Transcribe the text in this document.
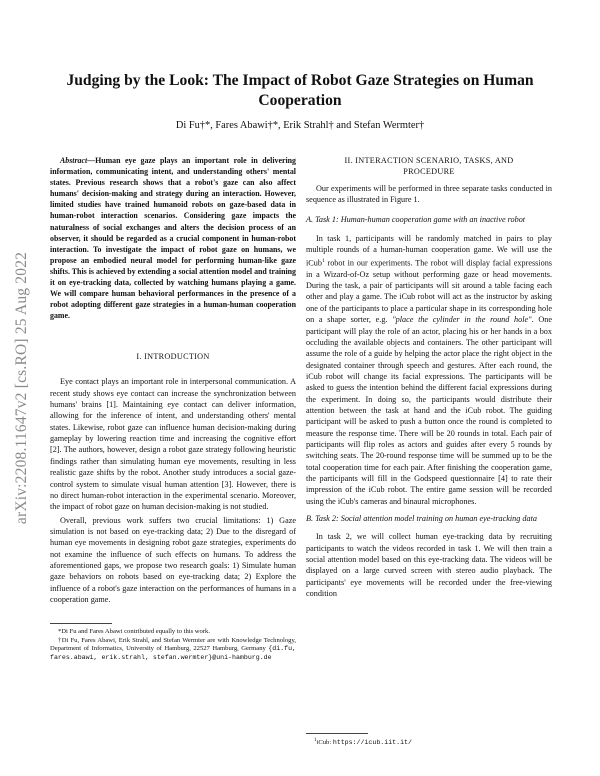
arXiv:2208.11647v2 [cs.RO] 25 Aug 2022
Judging by the Look: The Impact of Robot Gaze Strategies on Human Cooperation
Di Fu†*, Fares Abawi†*, Erik Strahl† and Stefan Wermter†

Abstract—Human eye gaze plays an important role in delivering information, communicating intent, and understanding others' mental states. Previous research shows that a robot's gaze can also affect humans' decision-making and strategy during an interaction. However, limited studies have trained humanoid robots on gaze-based data in human-robot interaction scenarios. Considering gaze impacts the naturalness of social exchanges and alters the decision process of an observer, it should be regarded as a crucial component in human-robot interaction. To investigate the impact of robot gaze on humans, we propose an embodied neural model for performing human-like gaze shifts. This is achieved by extending a social attention model and training it on eye-tracking data, collected by watching humans playing a game. We will compare human behavioral performances in the presence of a robot adopting different gaze strategies in a human-human cooperation game.

I. INTRODUCTION

Eye contact plays an important role in interpersonal communication. A recent study shows eye contact can increase the synchronization between humans' brains [1]. Maintaining eye contact can deliver information, allowing for the inference of intent, and understanding others' mental states. Likewise, robot gaze can influence human decision-making during gameplay by lowering reaction time and increasing the cognitive effort [2]. The authors, however, design a robot gaze strategy following heuristic findings rather than simulating human eye movements, resulting in less realistic gaze shifts by the robot. Another study introduces a social gaze-control system to simulate visual human attention [3]. However, there is no direct human-robot interaction in the experimental scenario. Moreover, the impact of robot gaze on human decision-making is not studied.

Overall, previous work suffers two crucial limitations: 1) Gaze simulation is not based on eye-tracking data; 2) Due to the disregard of human eye movements in designing robot gaze strategies, experiments do not examine the influence of such effects on humans. To address the aforementioned gaps, we propose two research goals: 1) Simulate human gaze behaviors on robots based on eye-tracking data; 2) Explore the influence of a robot's gaze interaction on the performances of humans in a cooperation game.

*Di Fu and Fares Abawi contributed equally to this work.

†Di Fu, Fares Abawi, Erik Strahl, and Stefan Wermter are with Knowledge Technology, Department of Informatics, University of Hamburg, 22527 Hamburg, Germany {di.fu, fares.abawi, erik.strahl, stefan.wermter}@uni-hamburg.de

II. INTERACTION SCENARIO, TASKS, AND
PROCEDURE

Our experiments will be performed in three separate tasks conducted in sequence as illustrated in Figure 1.

A. Task 1: Human-human cooperation game with an inactive robot

In task 1, participants will be randomly matched in pairs to play multiple rounds of a human-human cooperation game. We will use the iCub$^1$ robot in our experiments. The robot will display facial expressions in a Wizard-of-Oz setup without performing gaze or head movements. During the task, a pair of participants will sit around a table facing each other and play a game. The iCub robot will act as the instructor by asking one of the participants to place a particular shape in its corresponding hole on a shape sorter, e.g. "place the cylinder in the round hole". One participant will play the role of an actor, placing his or her hands in a box occluding the available objects and containers. The other participant will assume the role of a guide by helping the actor place the right object in the designated container through speech and gestures. After each round, the iCub robot will change its facial expressions. The participants will be asked to guess the intention behind the different facial expressions during the experiment. In doing so, the participants would distribute their attention between the task at hand and the iCub robot. The guiding participant will be asked to push a button once the round is completed to measure the response time. There will be 20 rounds in total. Each pair of participants will flip roles as actors and guides after every 5 rounds by switching seats. The 20-round response time will be summed up to be the total cooperation time for each pair. After finishing the cooperation game, the participants will fill in the Godspeed questionnaire [4] to rate their impression of the iCub robot. The entire game session will be recorded using the iCub's cameras and binaural microphones.

B. Task 2: Social attention model training on human eye-tracking data

In task 2, we will collect human eye-tracking data by recruiting participants to watch the videos recorded in task 1. We will then train a social attention model based on this eye-tracking data. The videos will be displayed on a large curved screen with stereo audio playback. The participants' eye movements will be recorded under the free-viewing condition

$^1$iCub: https://icub.iit.it/
